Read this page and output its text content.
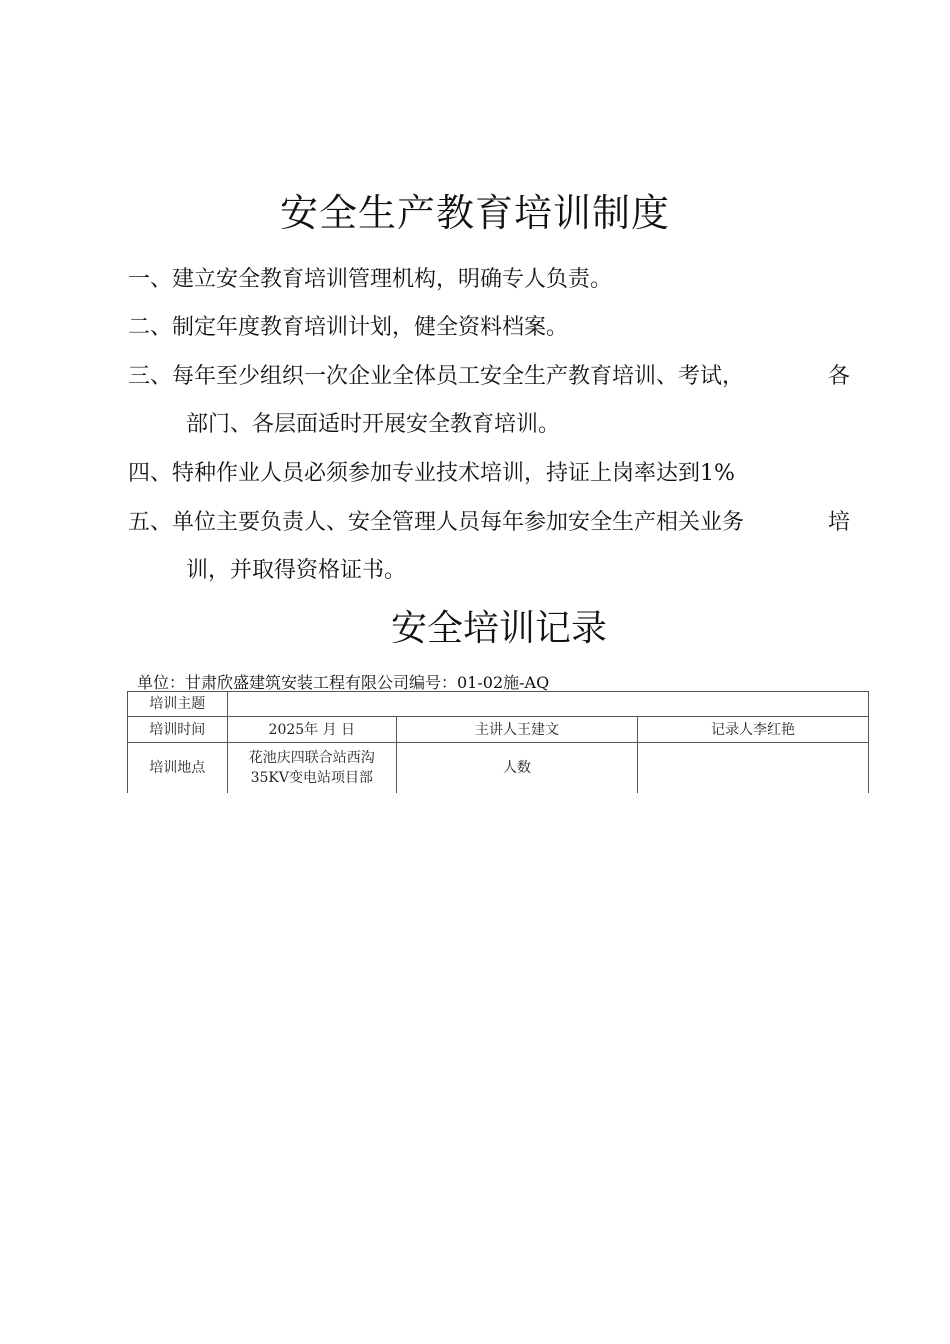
安全生产教育培训制度
一、建立安全教育培训管理机构，明确专人负责。
二、制定年度教育培训计划，健全资料档案。
三、每年至少组织一次企业全体员工安全生产教育培训、考试，	各
部门、各层面适时开展安全教育培训。
四、特种作业人员必须参加专业技术培训，持证上岗率达到1%
五、单位主要负责人、安全管理人员每年参加安全生产相关业务	培
训，并取得资格证书。
安全培训记录
单位：甘肃欣盛建筑安装工程有限公司编号：01-02施-AQ
培训主题			
培训时间	2025年 月 日	主讲人王建文	记录人李红艳
培训地点	花池庆四联合站西沟
35KV变电站项目部	人数	
